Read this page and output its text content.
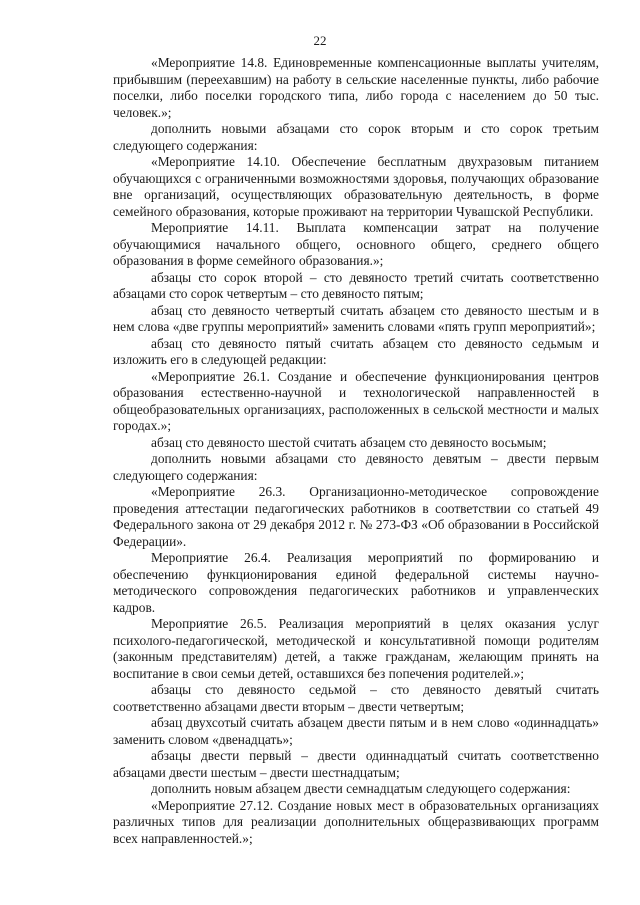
22

«Мероприятие 14.8. Единовременные компенсационные выплаты учителям, прибывшим (переехавшим) на работу в сельские населенные пункты, либо рабочие поселки, либо поселки городского типа, либо города с населением до 50 тыс. человек.»;

дополнить новыми абзацами сто сорок вторым и сто сорок третьим следующего содержания:

«Мероприятие 14.10. Обеспечение бесплатным двухразовым питанием обучающихся с ограниченными возможностями здоровья, получающих образование вне организаций, осуществляющих образовательную деятельность, в форме семейного образования, которые проживают на территории Чувашской Республики.

Мероприятие 14.11. Выплата компенсации затрат на получение обучающимися начального общего, основного общего, среднего общего образования в форме семейного образования.»;

абзацы сто сорок второй – сто девяносто третий считать соответственно абзацами сто сорок четвертым – сто девяносто пятым;

абзац сто девяносто четвертый считать абзацем сто девяносто шестым и в нем слова «две группы мероприятий» заменить словами «пять групп мероприятий»;

абзац сто девяносто пятый считать абзацем сто девяносто седьмым и изложить его в следующей редакции:

«Мероприятие 26.1. Создание и обеспечение функционирования центров образования естественно-научной и технологической направленностей в общеобразовательных организациях, расположенных в сельской местности и малых городах.»;

абзац сто девяносто шестой считать абзацем сто девяносто восьмым;

дополнить новыми абзацами сто девяносто девятым – двести первым следующего содержания:

«Мероприятие 26.3. Организационно-методическое сопровождение проведения аттестации педагогических работников в соответствии со статьей 49 Федерального закона от 29 декабря 2012 г. № 273-ФЗ «Об образовании в Российской Федерации».

Мероприятие 26.4. Реализация мероприятий по формированию и обеспечению функционирования единой федеральной системы научно-методического сопровождения педагогических работников и управленческих кадров.

Мероприятие 26.5. Реализация мероприятий в целях оказания услуг психолого-педагогической, методической и консультативной помощи родителям (законным представителям) детей, а также гражданам, желающим принять на воспитание в свои семьи детей, оставшихся без попечения родителей.»;

абзацы сто девяносто седьмой – сто девяносто девятый считать соответственно абзацами двести вторым – двести четвертым;

абзац двухсотый считать абзацем двести пятым и в нем слово «одиннадцать» заменить словом «двенадцать»;

абзацы двести первый – двести одиннадцатый считать соответственно абзацами двести шестым – двести шестнадцатым;

дополнить новым абзацем двести семнадцатым следующего содержания:

«Мероприятие 27.12. Создание новых мест в образовательных организациях различных типов для реализации дополнительных общеразвивающих программ всех направленностей.»;
